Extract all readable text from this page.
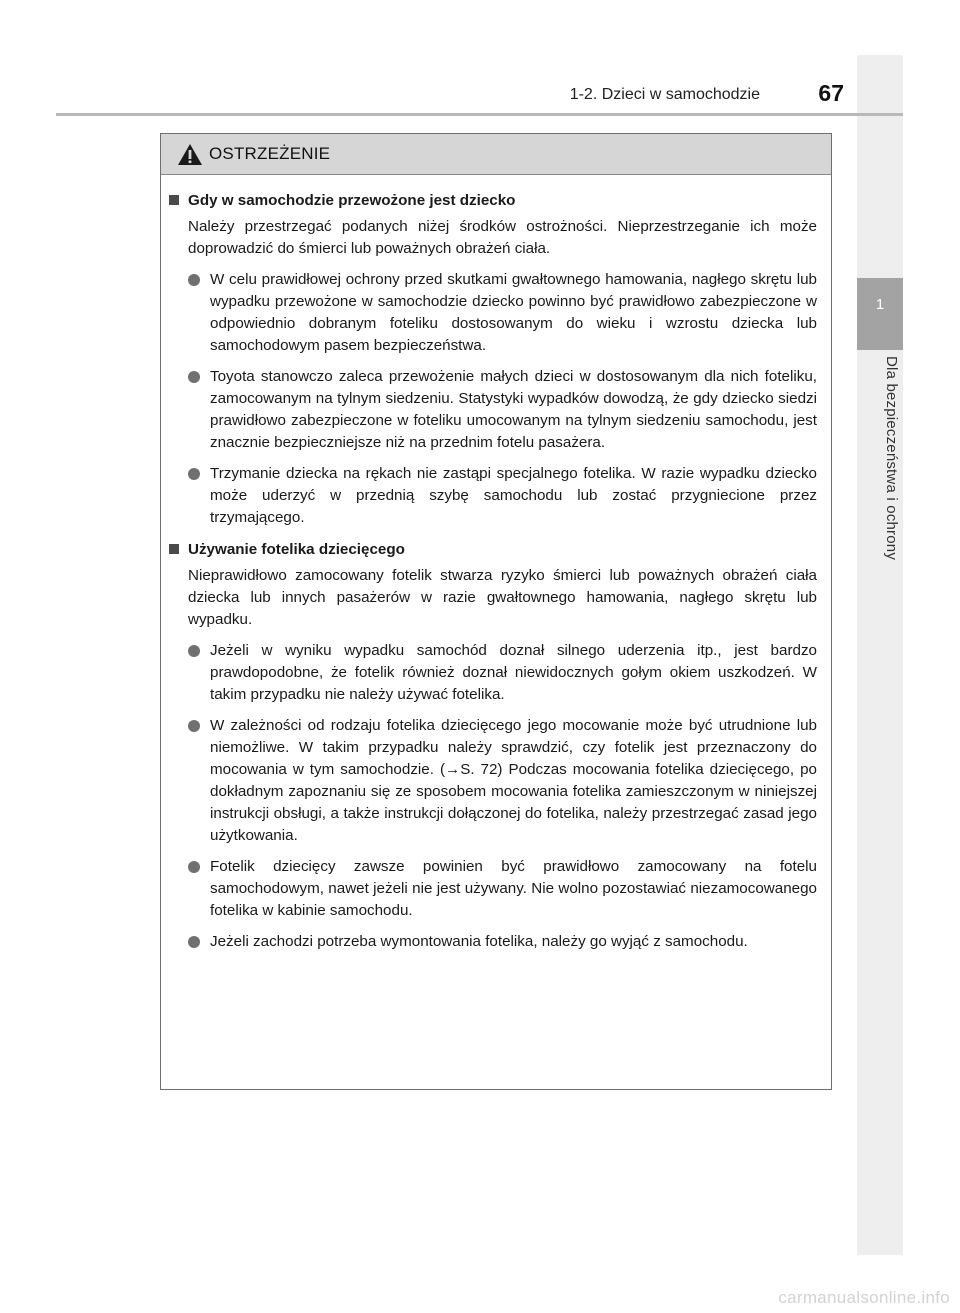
1
Dla bezpieczeństwa i ochrony
1-2. Dzieci w samochodzie	67
OSTRZEŻENIE
Gdy w samochodzie przewożone jest dziecko

Należy przestrzegać podanych niżej środków ostrożności. Nieprzestrzeganie ich może doprowadzić do śmierci lub poważnych obrażeń ciała.

W celu prawidłowej ochrony przed skutkami gwałtownego hamowania, nagłego skrętu lub wypadku przewożone w samochodzie dziecko powinno być prawidłowo zabezpieczone w odpowiednio dobranym foteliku dostosowanym do wieku i wzrostu dziecka lub samochodowym pasem bezpieczeństwa.
Toyota stanowczo zaleca przewożenie małych dzieci w dostosowanym dla nich foteliku, zamocowanym na tylnym siedzeniu. Statystyki wypadków dowodzą, że gdy dziecko siedzi prawidłowo zabezpieczone w foteliku umocowanym na tylnym siedzeniu samochodu, jest znacznie bezpieczniejsze niż na przednim fotelu pasażera.
Trzymanie dziecka na rękach nie zastąpi specjalnego fotelika. W razie wypadku dziecko może uderzyć w przednią szybę samochodu lub zostać przygniecione przez trzymającego.
Używanie fotelika dziecięcego

Nieprawidłowo zamocowany fotelik stwarza ryzyko śmierci lub poważnych obrażeń ciała dziecka lub innych pasażerów w razie gwałtownego hamowania, nagłego skrętu lub wypadku.

Jeżeli w wyniku wypadku samochód doznał silnego uderzenia itp., jest bardzo prawdopodobne, że fotelik również doznał niewidocznych gołym okiem uszkodzeń. W takim przypadku nie należy używać fotelika.
W zależności od rodzaju fotelika dziecięcego jego mocowanie może być utrudnione lub niemożliwe. W takim przypadku należy sprawdzić, czy fotelik jest przeznaczony do mocowania w tym samochodzie. (→S. 72) Podczas mocowania fotelika dziecięcego, po dokładnym zapoznaniu się ze sposobem mocowania fotelika zamieszczonym w niniejszej instrukcji obsługi, a także instrukcji dołączonej do fotelika, należy przestrzegać zasad jego użytkowania.
Fotelik dziecięcy zawsze powinien być prawidłowo zamocowany na fotelu samochodowym, nawet jeżeli nie jest używany. Nie wolno pozostawiać niezamocowanego fotelika w kabinie samochodu.
Jeżeli zachodzi potrzeba wymontowania fotelika, należy go wyjąć z samochodu.
carmanualsonline.info
